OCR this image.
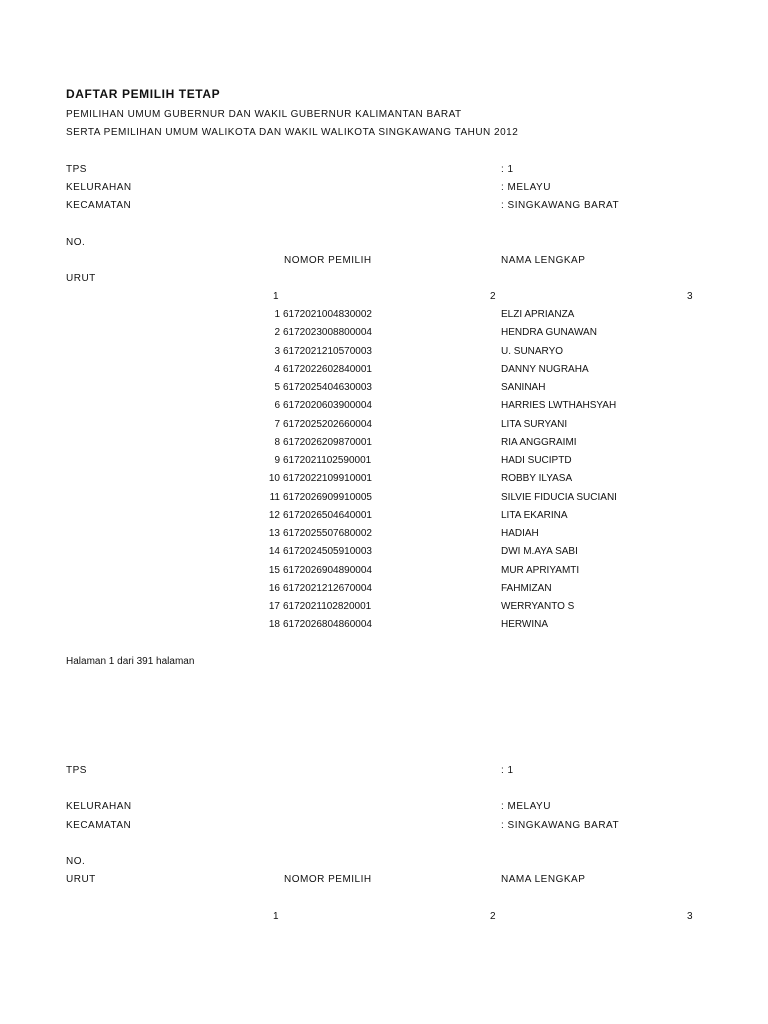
DAFTAR PEMILIH TETAP
PEMILIHAN UMUM GUBERNUR DAN WAKIL GUBERNUR KALIMANTAN BARAT
SERTA PEMILIHAN UMUM WALIKOTA DAN WAKIL WALIKOTA SINGKAWANG TAHUN 2012
TPS	: 1
KELURAHAN	: MELAYU
KECAMATAN	: SINGKAWANG BARAT
NO.
NOMOR PEMILIH	NAMA LENGKAP
URUT
1	2	3
1 6172021004830002	ELZI APRIANZA
2 6172023008800004	HENDRA GUNAWAN
3 6172021210570003	U. SUNARYO
4 6172022602840001	DANNY NUGRAHA
5 6172025404630003	SANINAH
6 6172020603900004	HARRIES LWTHAHSYAH
7 6172025202660004	LITA SURYANI
8 6172026209870001	RIA ANGGRAIMI
9 6172021102590001	HADI SUCIPTD
10 6172022109910001	ROBBY ILYASA
11 6172026909910005	SILVIE FIDUCIA SUCIANI
12 6172026504640001	LITA EKARINA
13 6172025507680002	HADIAH
14 6172024505910003	DWI M.AYA SABI
15 6172026904890004	MUR APRIYAMTI
16 6172021212670004	FAHMIZAN
17 6172021102820001	WERRYANTO S
18 6172026804860004	HERWINA
Halaman 1 dari 391 halaman
TPS	: 1
KELURAHAN	: MELAYU
KECAMATAN	: SINGKAWANG BARAT
NO.
URUT	NOMOR PEMILIH	NAMA LENGKAP
1	2	3
